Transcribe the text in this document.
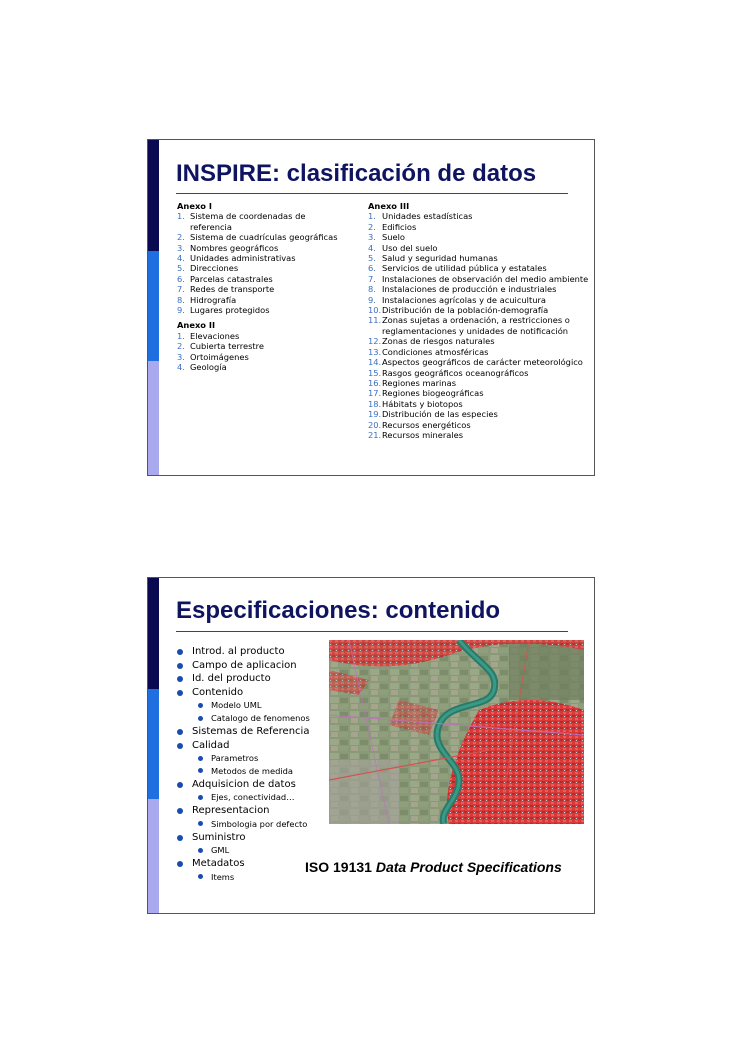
INSPIRE: clasificación de datos
Anexo I
1. Sistema de coordenadas de referencia
2. Sistema de cuadrículas geográficas
3. Nombres geográficos
4. Unidades administrativas
5. Direcciones
6. Parcelas catastrales
7. Redes de transporte
8. Hidrografía
9. Lugares protegidos
Anexo II
1. Elevaciones
2. Cubierta terrestre
3. Ortoimágenes
4. Geología
Anexo III
1. Unidades estadísticas
2. Edificios
3. Suelo
4. Uso del suelo
5. Salud y seguridad humanas
6. Servicios de utilidad pública y estatales
7. Instalaciones de observación del medio ambiente
8. Instalaciones de producción e industriales
9. Instalaciones agrícolas y de acuicultura
10. Distribución de la población-demografía
11. Zonas sujetas a ordenación, a restricciones o reglamentaciones y unidades de notificación
12. Zonas de riesgos naturales
13. Condiciones atmosféricas
14. Aspectos geográficos de carácter meteorológico
15. Rasgos geográficos oceanográficos
16. Regiones marinas
17. Regiones biogeográficas
18. Hábitats y biotopos
19. Distribución de las especies
20. Recursos energéticos
21. Recursos minerales
Especificaciones: contenido
Introd. al producto
Campo de aplicacion
Id. del producto
Contenido
Modelo UML
Catalogo de fenomenos
Sistemas de Referencia
Calidad
Parametros
Metodos de medida
Adquisicion de datos
Ejes, conectividad…
Representacion
Simbologia por defecto
Suministro
GML
Metadatos
Items
ISO 19131 Data Product Specifications
